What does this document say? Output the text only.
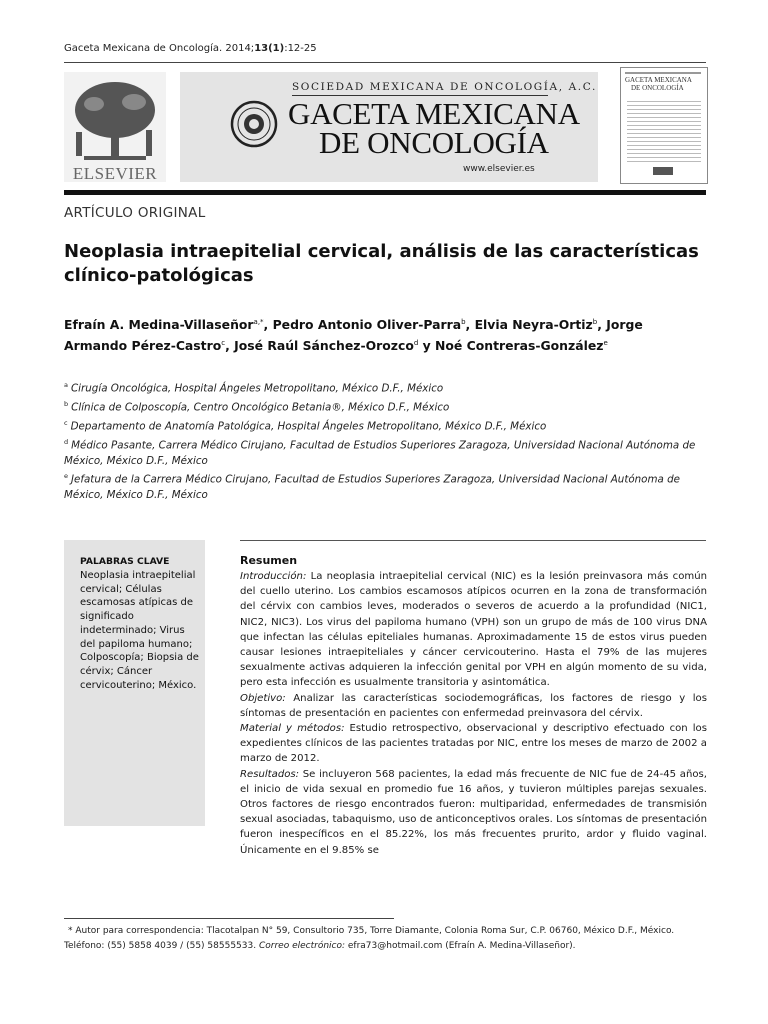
Gaceta Mexicana de Oncología. 2014;13(1):12-25
ELSEVIER
SOCIEDAD MEXICANA DE ONCOLOGÍA, A.C.
GACETA MEXICANA
DE ONCOLOGÍA
www.elsevier.es
GACETA MEXICANA
DE ONCOLOGÍA
ARTÍCULO ORIGINAL
Neoplasia intraepitelial cervical, análisis de las características clínico-patológicas
Efraín A. Medina-Villaseñor$^{a,*}$, Pedro Antonio Oliver-Parra$^b$, Elvia Neyra-Ortiz$^b$, Jorge Armando Pérez-Castro$^c$, José Raúl Sánchez-Orozco$^d$ y Noé Contreras-González$^e$

$^a$ Cirugía Oncológica, Hospital Ángeles Metropolitano, México D.F., México

$^b$ Clínica de Colposcopía, Centro Oncológico Betania®, México D.F., México

$^c$ Departamento de Anatomía Patológica, Hospital Ángeles Metropolitano, México D.F., México

$^d$ Médico Pasante, Carrera Médico Cirujano, Facultad de Estudios Superiores Zaragoza, Universidad Nacional Autónoma de México, México D.F., México

$^e$ Jefatura de la Carrera Médico Cirujano, Facultad de Estudios Superiores Zaragoza, Universidad Nacional Autónoma de México, México D.F., México

PALABRAS CLAVE
Neoplasia intraepitelial cervical; Células escamosas atípicas de significado indeterminado; Virus del papiloma humano; Colposcopía; Biopsia de cérvix; Cáncer cervicouterino; México.
Resumen

Introducción: La neoplasia intraepitelial cervical (NIC) es la lesión preinvasora más común del cuello uterino. Los cambios escamosos atípicos ocurren en la zona de transformación del cérvix con cambios leves, moderados o severos de acuerdo a la profundidad (NIC1, NIC2, NIC3). Los virus del papiloma humano (VPH) son un grupo de más de 100 virus DNA que infectan las células epiteliales humanas. Aproximadamente 15 de estos virus pueden causar lesiones intraepiteliales y cáncer cervicouterino. Hasta el 79% de las mujeres sexualmente activas adquieren la infección genital por VPH en algún momento de su vida, pero esta infección es usualmente transitoria y asintomática.

Objetivo: Analizar las características sociodemográficas, los factores de riesgo y los síntomas de presentación en pacientes con enfermedad preinvasora del cérvix.

Material y métodos: Estudio retrospectivo, observacional y descriptivo efectuado con los expedientes clínicos de las pacientes tratadas por NIC, entre los meses de marzo de 2002 a marzo de 2012.

Resultados: Se incluyeron 568 pacientes, la edad más frecuente de NIC fue de 24-45 años, el inicio de vida sexual en promedio fue 16 años, y tuvieron múltiples parejas sexuales. Otros factores de riesgo encontrados fueron: multiparidad, enfermedades de transmisión sexual asociadas, tabaquismo, uso de anticonceptivos orales. Los síntomas de presentación fueron inespecíficos en el 85.22%, los más frecuentes prurito, ardor y fluido vaginal. Únicamente en el 9.85% se

* Autor para correspondencia: Tlacotalpan N° 59, Consultorio 735, Torre Diamante, Colonia Roma Sur, C.P. 06760, México D.F., México.
Teléfono: (55) 5858 4039 / (55) 58555533. Correo electrónico: efra73@hotmail.com (Efraín A. Medina-Villaseñor).
